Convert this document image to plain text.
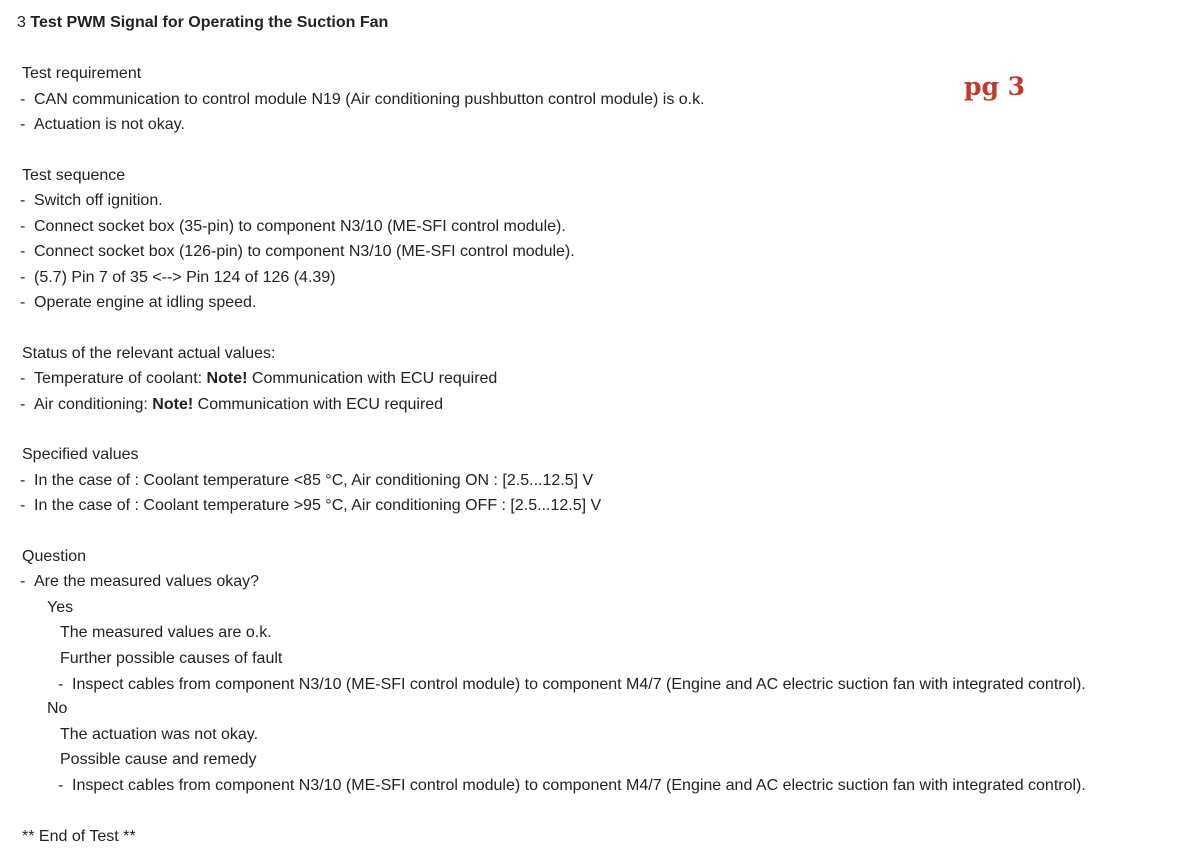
3 Test PWM Signal for Operating the Suction Fan
pg 3
Test requirement
- CAN communication to control module N19 (Air conditioning pushbutton control module) is o.k.
- Actuation is not okay.
Test sequence
- Switch off ignition.
- Connect socket box (35-pin) to component N3/10 (ME-SFI control module).
- Connect socket box (126-pin) to component N3/10 (ME-SFI control module).
- (5.7) Pin 7 of 35 <--> Pin 124 of 126 (4.39)
- Operate engine at idling speed.
Status of the relevant actual values:
- Temperature of coolant: Note! Communication with ECU required
- Air conditioning: Note! Communication with ECU required
Specified values
- In the case of : Coolant temperature <85 °C, Air conditioning ON : [2.5...12.5] V
- In the case of : Coolant temperature >95 °C, Air conditioning OFF : [2.5...12.5] V
Question
- Are the measured values okay?
Yes
The measured values are o.k.
Further possible causes of fault
- Inspect cables from component N3/10 (ME-SFI control module) to component M4/7 (Engine and AC electric suction fan with integrated control).
No
The actuation was not okay.
Possible cause and remedy
- Inspect cables from component N3/10 (ME-SFI control module) to component M4/7 (Engine and AC electric suction fan with integrated control).
** End of Test **
